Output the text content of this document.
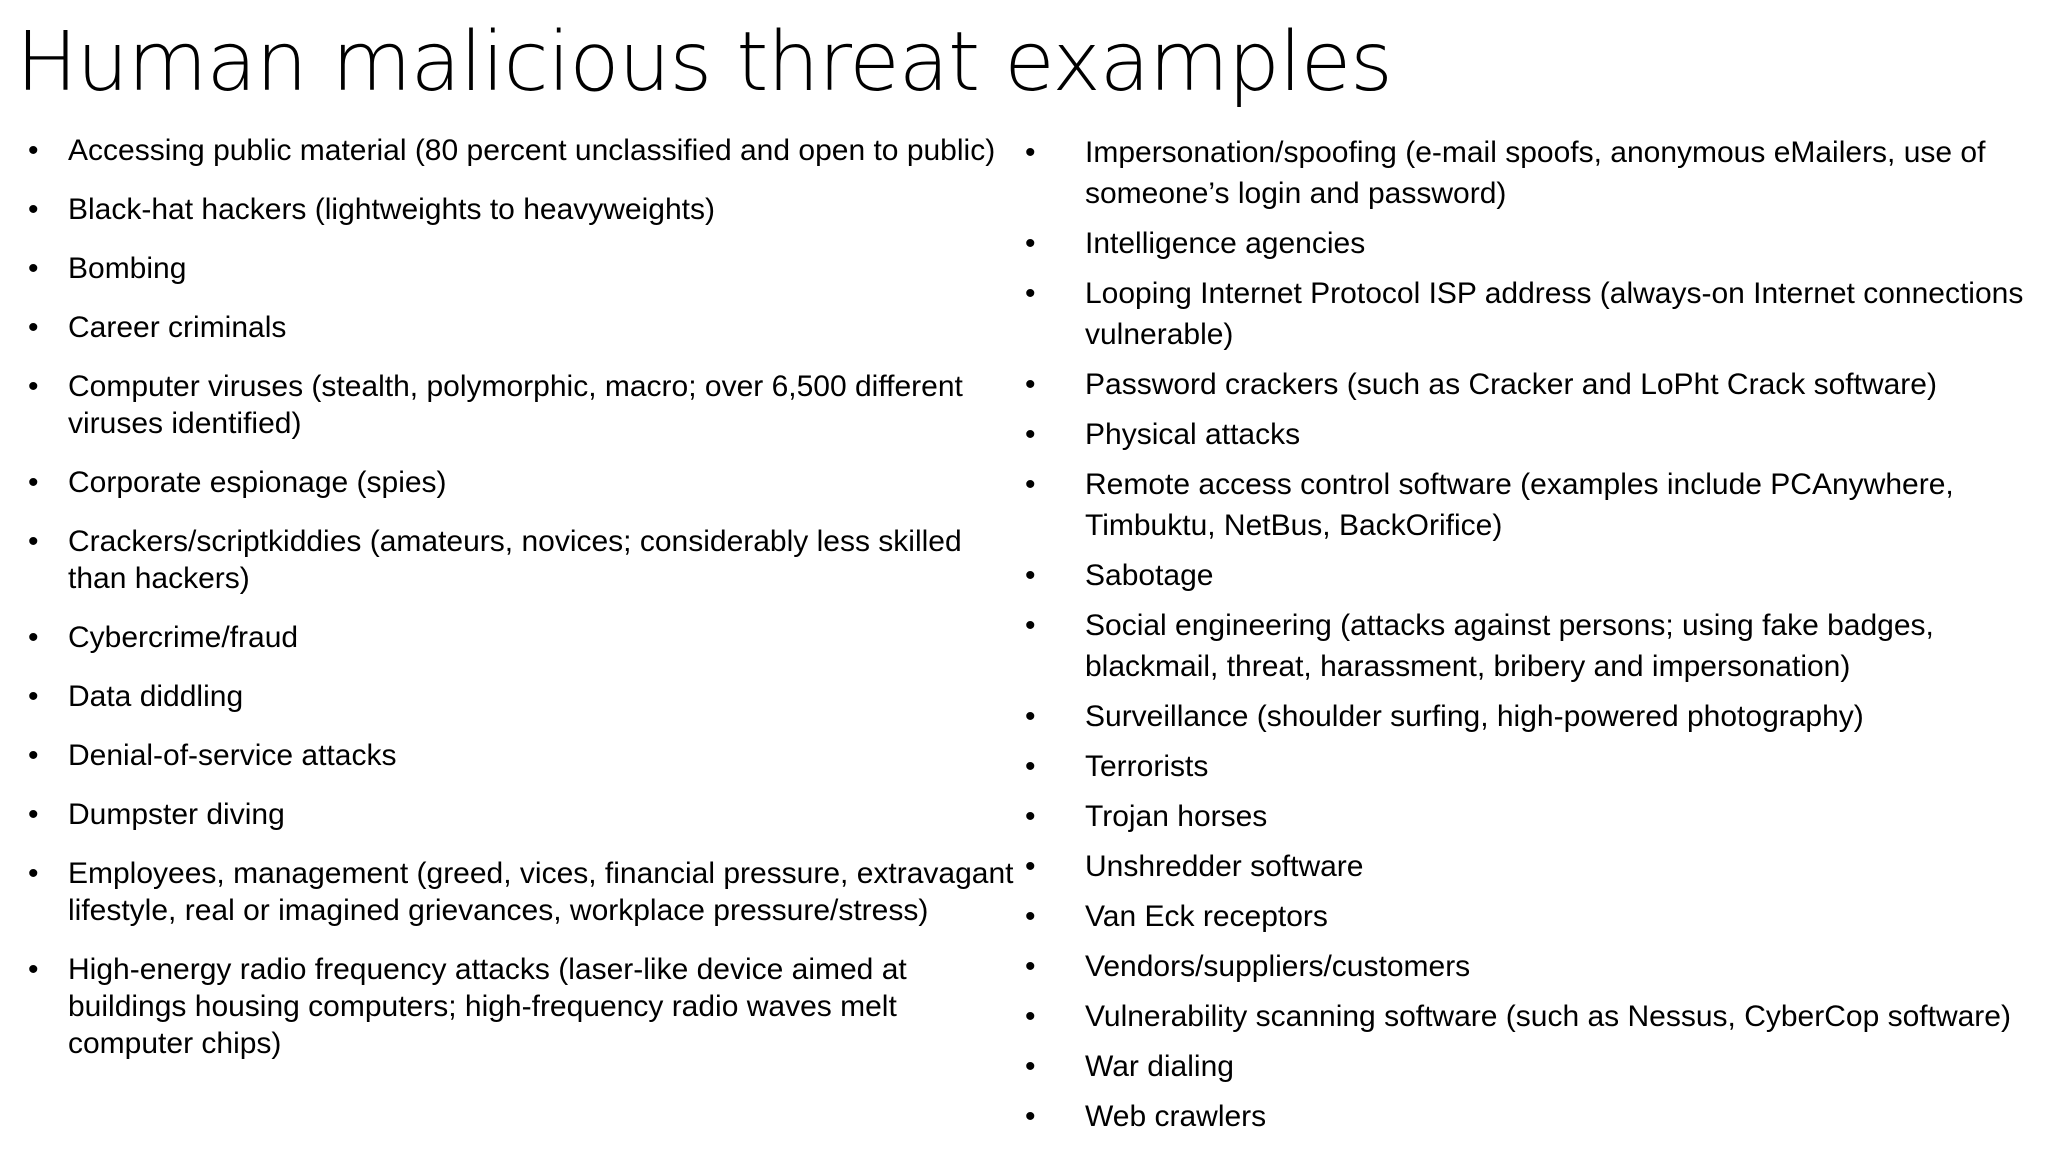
Human malicious threat examples
• Accessing public material (80 percent unclassified and open to public)
• Black-hat hackers (lightweights to heavyweights)
• Bombing
• Career criminals
• Computer viruses (stealth, polymorphic, macro; over 6,500 different viruses identified)
• Corporate espionage (spies)
• Crackers/scriptkiddies (amateurs, novices; considerably less skilled than hackers)
• Cybercrime/fraud
• Data diddling
• Denial-of-service attacks
• Dumpster diving
• Employees, management (greed, vices, financial pressure, extravagant lifestyle, real or imagined grievances, workplace pressure/stress)
• High-energy radio frequency attacks (laser-like device aimed at buildings housing computers; high-frequency radio waves melt computer chips)
•	Impersonation/spoofing (e-mail spoofs, anonymous eMailers, use of someone’s login and password)
•	Intelligence agencies
•	Looping Internet Protocol ISP address (always-on Internet connections vulnerable)
•	Password crackers (such as Cracker and LoPht Crack software)
•	Physical attacks
•	Remote access control software (examples include PCAnywhere, Timbuktu, NetBus, BackOrifice)
•	Sabotage
•	Social engineering (attacks against persons; using fake badges, blackmail, threat, harassment, bribery and impersonation)
•	Surveillance (shoulder surfing, high-powered photography)
•	Terrorists
•	Trojan horses
•	Unshredder software
•	Van Eck receptors
•	Vendors/suppliers/customers
•	Vulnerability scanning software (such as Nessus, CyberCop software)
•	War dialing
•	Web crawlers
